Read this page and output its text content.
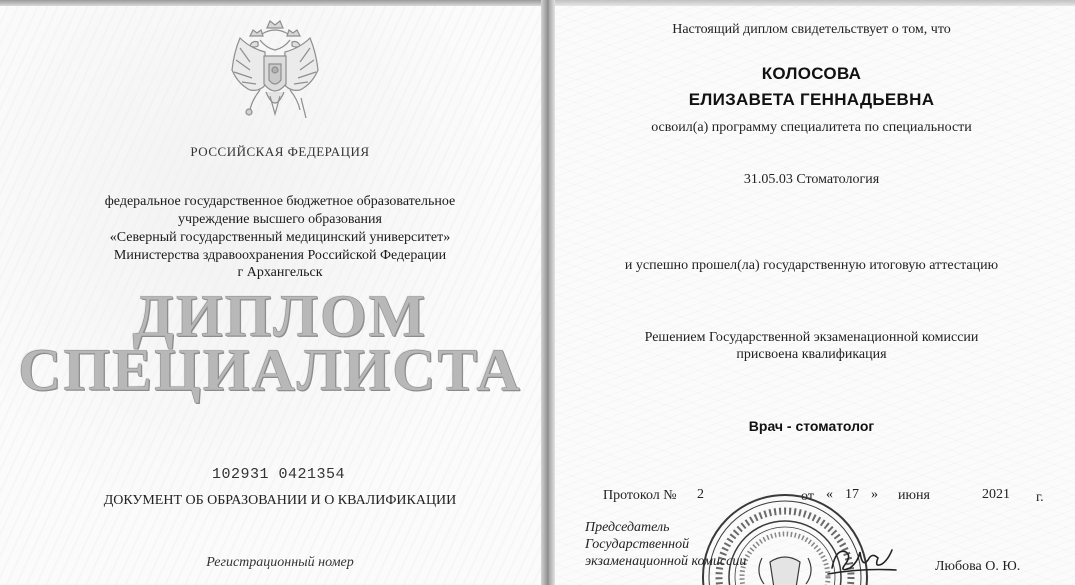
РОССИЙСКАЯ ФЕДЕРАЦИЯ

федеральное государственное бюджетное образовательное

учреждение высшего образования

«Северный государственный медицинский университет»

Министерства здравоохранения Российской Федерации

г Архангельск

ДИПЛОМ

СПЕЦИАЛИСТА

102931 0421354

ДОКУМЕНТ ОБ ОБРАЗОВАНИИ И О КВАЛИФИКАЦИИ

Регистрационный номер

Настоящий диплом свидетельствует о том, что

КОЛОСОВА

ЕЛИЗАВЕТА ГЕННАДЬЕВНА

освоил(а) программу специалитета по специальности

31.05.03 Стоматология

и успешно прошел(ла) государственную итоговую аттестацию

Решением Государственной экзаменационной комиссии

присвоена квалификация

Врач - стоматолог

Протокол № 2	от « 17 » июня	2021 г.

Председатель

Государственной

экзаменационной комиссии	Любова О. Ю.
